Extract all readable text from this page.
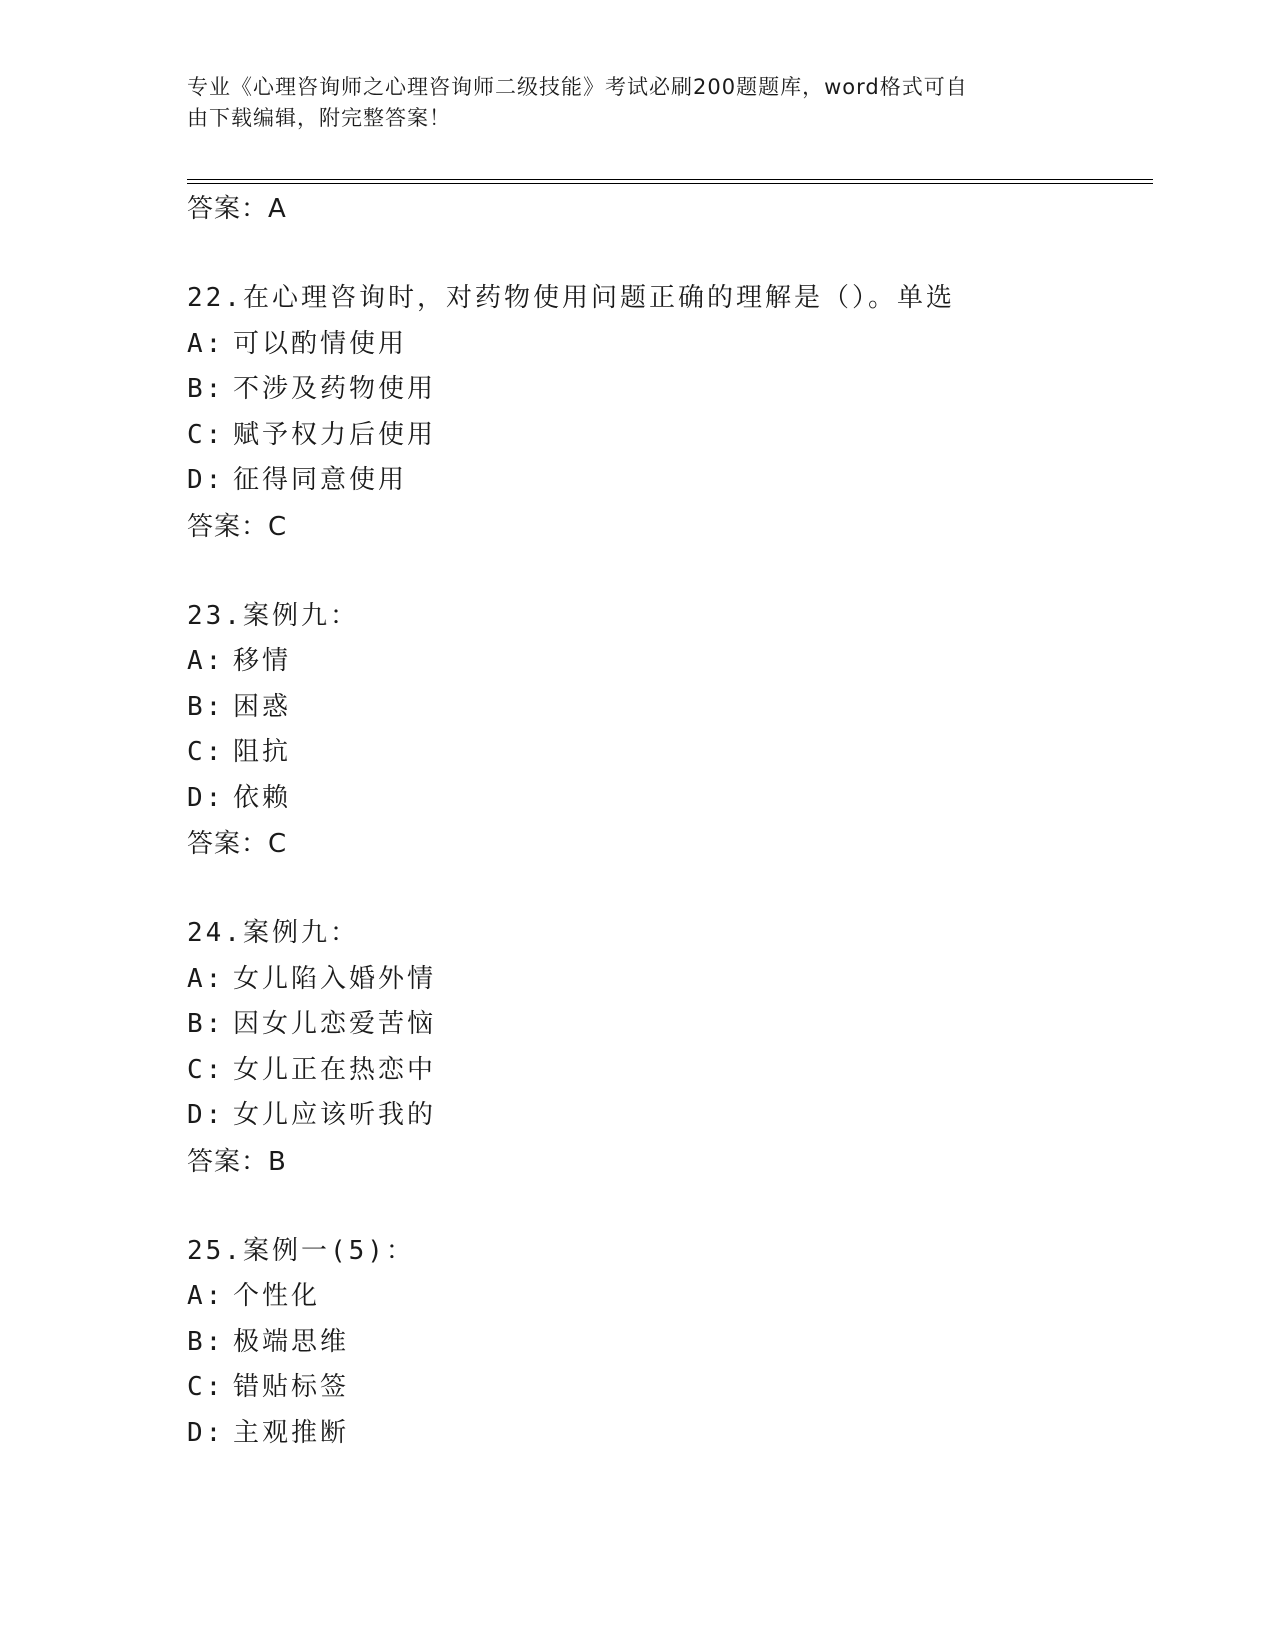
专业《心理咨询师之心理咨询师二级技能》考试必刷200题题库，word格式可自
由下载编辑，附完整答案！
答案：A
22.在心理咨询时，对药物使用问题正确的理解是（）。单选
A: 可以酌情使用
B: 不涉及药物使用
C: 赋予权力后使用
D: 征得同意使用
答案：C
23.案例九：
A: 移情
B: 困惑
C: 阻抗
D: 依赖
答案：C
24.案例九：
A: 女儿陷入婚外情
B: 因女儿恋爱苦恼
C: 女儿正在热恋中
D: 女儿应该听我的
答案：B
25.案例一(5)：
A: 个性化
B: 极端思维
C: 错贴标签
D: 主观推断
